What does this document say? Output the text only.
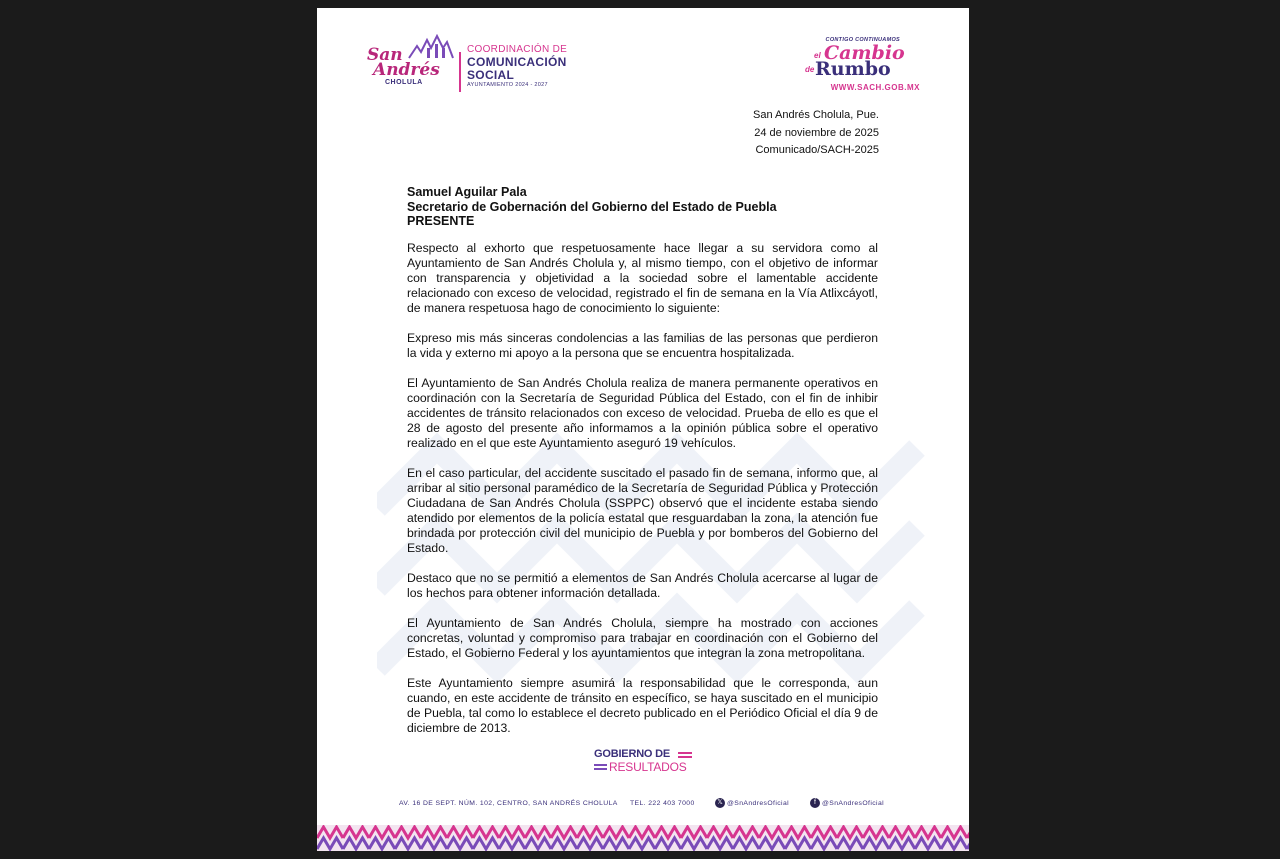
San
Andrés
CHOLULA
COORDINACIÓN DE
COMUNICACIÓN
SOCIAL
AYUNTAMIENTO 2024 - 2027
CONTIGO CONTINUAMOS
el Cambio
de Rumbo
WWW.SACH.GOB.MX
San Andrés Cholula, Pue.
24 de noviembre de 2025
Comunicado/SACH-2025
Samuel Aguilar Pala
Secretario de Gobernación del Gobierno del Estado de Puebla
PRESENTE

Respecto al exhorto que respetuosamente hace llegar a su servidora como al Ayuntamiento de San Andrés Cholula y, al mismo tiempo, con el objetivo de informar con transparencia y objetividad a la sociedad sobre el lamentable accidente relacionado con exceso de velocidad, registrado el fin de semana en la Vía Atlixcáyotl, de manera respetuosa hago de conocimiento lo siguiente:

Expreso mis más sinceras condolencias a las familias de las personas que perdieron la vida y externo mi apoyo a la persona que se encuentra hospitalizada.

El Ayuntamiento de San Andrés Cholula realiza de manera permanente operativos en coordinación con la Secretaría de Seguridad Pública del Estado, con el fin de inhibir accidentes de tránsito relacionados con exceso de velocidad. Prueba de ello es que el 28 de agosto del presente año informamos a la opinión pública sobre el operativo realizado en el que este Ayuntamiento aseguró 19 vehículos.

En el caso particular, del accidente suscitado el pasado fin de semana, informo que, al arribar al sitio personal paramédico de la Secretaría de Seguridad Pública y Protección Ciudadana de San Andrés Cholula (SSPPC) observó que el incidente estaba siendo atendido por elementos de la policía estatal que resguardaban la zona, la atención fue brindada por protección civil del municipio de Puebla y por bomberos del Gobierno del Estado.

Destaco que no se permitió a elementos de San Andrés Cholula acercarse al lugar de los hechos para obtener información detallada.

El Ayuntamiento de San Andrés Cholula, siempre ha mostrado con acciones concretas, voluntad y compromiso para trabajar en coordinación con el Gobierno del Estado, el Gobierno Federal y los ayuntamientos que integran la zona metropolitana.

Este Ayuntamiento siempre asumirá la responsabilidad que le corresponda, aun cuando, en este accidente de tránsito en específico, se haya suscitado en el municipio de Puebla, tal como lo establece el decreto publicado en el Periódico Oficial el día 9 de diciembre de 2013.

GOBIERNO DE
RESULTADOS
AV. 16 DE SEPT. NÚM. 102, CENTRO, SAN ANDRÉS CHOLULA TEL. 222 403 7000	𝕏 @SnAndresOficial	f @SnAndresOficial
